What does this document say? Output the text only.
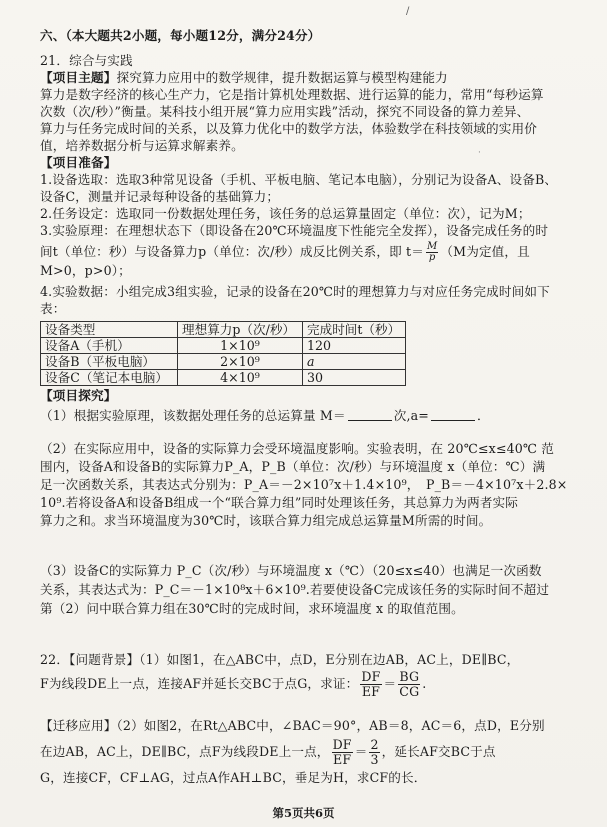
/
六、（本大题共2小题，每小题12分，满分24分）
21．综合与实践
【项目主题】探究算力应用中的数学规律，提升数据运算与模型构建能力
算力是数字经济的核心生产力，它是指计算机处理数据、进行运算的能力，常用“每秒运算
次数（次/秒）”衡量。某科技小组开展“算力应用实践”活动，探究不同设备的算力差异、
算力与任务完成时间的关系，以及算力优化中的数学方法，体验数学在科技领域的实用价
值，培养数据分析与运算求解素养。	·
【项目准备】
1.设备选取：选取3种常见设备（手机、平板电脑、笔记本电脑），分别记为设备A、设备B、
设备C，测量并记录每种设备的基础算力；
2.任务设定：选取同一份数据处理任务，该任务的总运算量固定（单位：次），记为M；
3.实验原理：在理想状态下（即设备在20℃环境温度下性能完全发挥），设备完成任务的时
间t（单位：秒）与设备算力p（单位：次/秒）成反比例关系，即 $t= \frac{M}{p} (M$为定值，且
M>0，p>0）；
4.实验数据：小组完成3组实验，记录的设备在20℃时的理想算力与对应任务完成时间如下
表：
设备类型	理想算力p（次/秒）	完成时间t（秒）
设备A（手机）	1×10⁹	120
设备B（平板电脑）	2×10⁹	a
设备C（笔记本电脑）	4×10⁹	30
【项目探究】
（1）根据实验原理，该数据处理任务的总运算量 M＝	次,a=	．
（2）在实际应用中，设备的实际算力会受环境温度影响。实验表明，在 20℃≤x≤40℃ 范
围内，设备A和设备B的实际算力P_A，P_B（单位：次/秒）与环境温度 x（单位：℃）满
足一次函数关系，其表达式分别为：P_A＝－2×10⁷x＋1.4×10⁹，　P_B＝－4×10⁷x＋2.8×
10⁹.若将设备A和设备B组成一个“联合算力组”同时处理该任务，其总算力为两者实际
算力之和。求当环境温度为30℃时，该联合算力组完成总运算量M所需的时间。
（3）设备C的实际算力 P_C（次/秒）与环境温度 x（℃）（20≤x≤40）也满足一次函数
关系，其表达式为：P_C＝－1×10⁸x＋6×10⁹.若要使设备C完成该任务的实际时间不超过
第（2）问中联合算力组在30℃时的完成时间，求环境温度 x 的取值范围。
22．【问题背景】（1）如图1，在△ABC中，点D，E分别在边AB，AC上，DE∥BC，
F为线段DE上一点，连接AF并延长交BC于点G，求证： $\frac{DF}{EF} = \frac{BG}{CG}$ .
【迁移应用】（2）如图2，在Rt△ABC中，∠BAC＝90°，AB＝8，AC＝6，点D，E分别
在边AB，AC上，DE∥BC，点F为线段DE上一点， $\frac{DF}{EF} = \frac{2}{3}$ ，延长AF交BC于点
G，连接CF，CF⊥AG，过点A作AH⊥BC，垂足为H，求CF的长．
第5页共6页
